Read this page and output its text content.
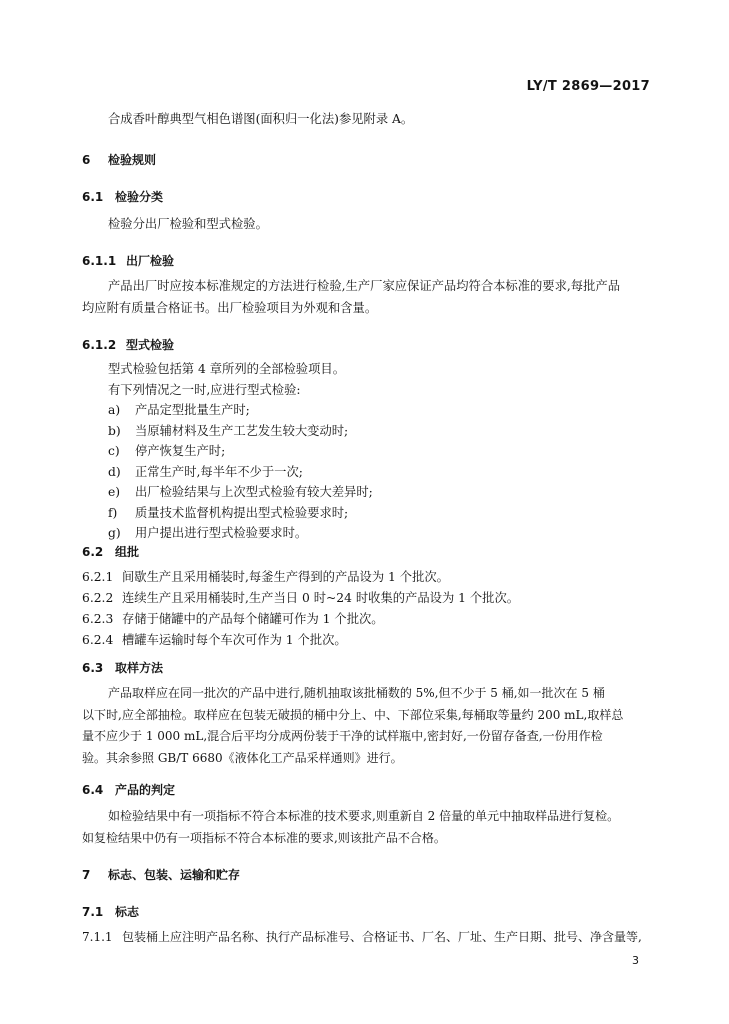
LY/T 2869—2017

合成香叶醇典型气相色谱图(面积归一化法)参见附录 A。

6 检验规则
6.1 检验分类

检验分出厂检验和型式检验。

6.1.1 出厂检验

产品出厂时应按本标准规定的方法进行检验,生产厂家应保证产品均符合本标准的要求,每批产品

均应附有质量合格证书。出厂检验项目为外观和含量。

6.1.2 型式检验

型式检验包括第 4 章所列的全部检验项目。

有下列情况之一时,应进行型式检验:

a) 产品定型批量生产时;

b) 当原辅材料及生产工艺发生较大变动时;

c) 停产恢复生产时;

d) 正常生产时,每半年不少于一次;

e) 出厂检验结果与上次型式检验有较大差异时;

f) 质量技术监督机构提出型式检验要求时;

g) 用户提出进行型式检验要求时。

6.2 组批

6.2.1 间歇生产且采用桶装时,每釜生产得到的产品设为 1 个批次。

6.2.2 连续生产且采用桶装时,生产当日 0 时~24 时收集的产品设为 1 个批次。

6.2.3 存储于储罐中的产品每个储罐可作为 1 个批次。

6.2.4 槽罐车运输时每个车次可作为 1 个批次。

6.3 取样方法

产品取样应在同一批次的产品中进行,随机抽取该批桶数的 5%,但不少于 5 桶,如一批次在 5 桶

以下时,应全部抽检。取样应在包装无破损的桶中分上、中、下部位采集,每桶取等量约 200 mL,取样总

量不应少于 1 000 mL,混合后平均分成两份装于干净的试样瓶中,密封好,一份留存备查,一份用作检

验。其余参照 GB/T 6680《液体化工产品采样通则》进行。

6.4 产品的判定

如检验结果中有一项指标不符合本标准的技术要求,则重新自 2 倍量的单元中抽取样品进行复检。

如复检结果中仍有一项指标不符合本标准的要求,则该批产品不合格。

7 标志、包装、运输和贮存
7.1 标志

7.1.1 包装桶上应注明产品名称、执行产品标准号、合格证书、厂名、厂址、生产日期、批号、净含量等,

3
